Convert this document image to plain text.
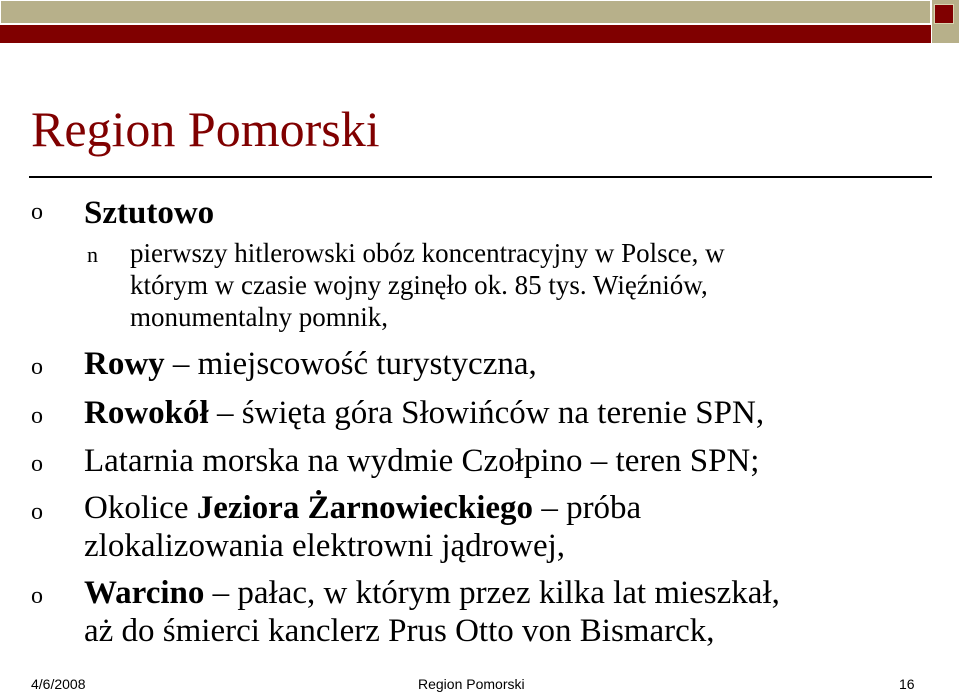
Region Pomorski
o Sztutowo
n pierwszy hitlerowski obóz koncentracyjny w Polsce, w
którym w czasie wojny zginęło ok. 85 tys. Więźniów,
monumentalny pomnik,
o Rowy – miejscowość turystyczna,
o Rowokół – święta góra Słowińców na terenie SPN,
o Latarnia morska na wydmie Czołpino – teren SPN;
o Okolice Jeziora Żarnowieckiego – próba
zlokalizowania elektrowni jądrowej,
o Warcino – pałac, w którym przez kilka lat mieszkał,
aż do śmierci kanclerz Prus Otto von Bismarck,
4/6/2008	Region Pomorski	16
